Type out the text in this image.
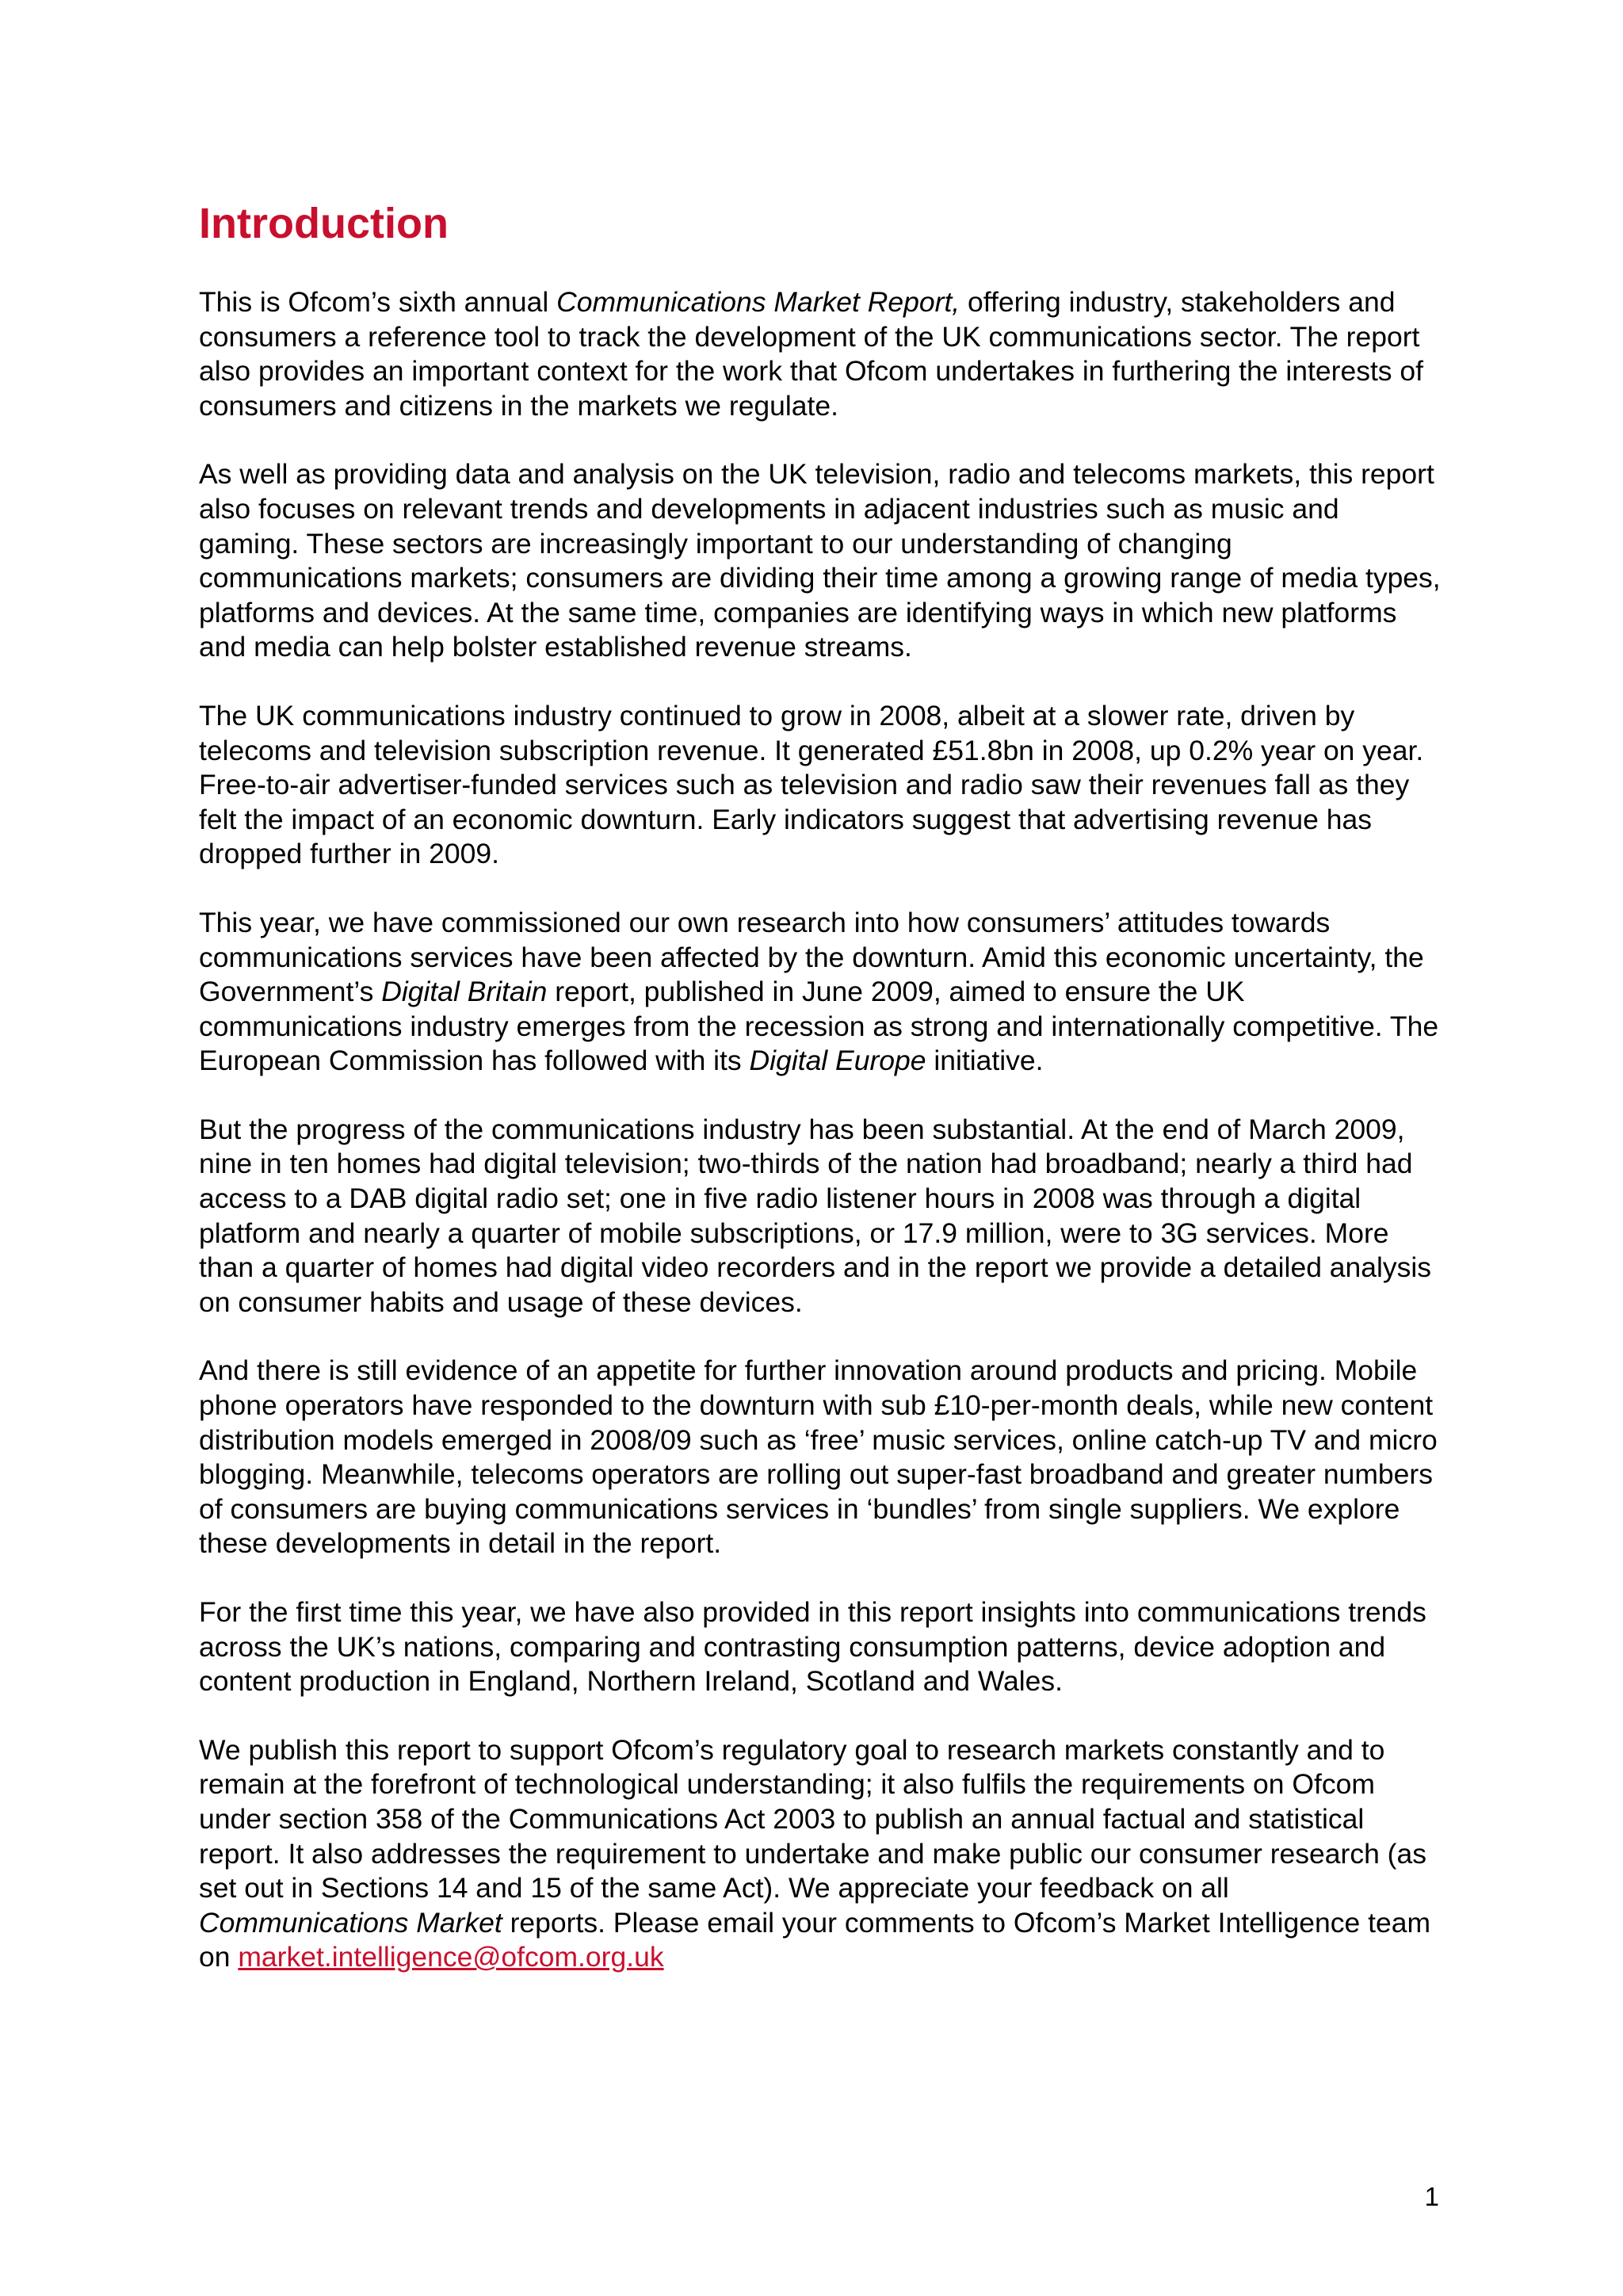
Introduction

This is Ofcom’s sixth annual Communications Market Report, offering industry, stakeholders and consumers a reference tool to track the development of the UK communications sector. The report also provides an important context for the work that Ofcom undertakes in furthering the interests of consumers and citizens in the markets we regulate.

As well as providing data and analysis on the UK television, radio and telecoms markets, this report also focuses on relevant trends and developments in adjacent industries such as music and gaming. These sectors are increasingly important to our understanding of changing communications markets; consumers are dividing their time among a growing range of media types, platforms and devices. At the same time, companies are identifying ways in which new platforms and media can help bolster established revenue streams.

The UK communications industry continued to grow in 2008, albeit at a slower rate, driven by telecoms and television subscription revenue. It generated £51.8bn in 2008, up 0.2% year on year. Free-to-air advertiser-funded services such as television and radio saw their revenues fall as they felt the impact of an economic downturn. Early indicators suggest that advertising revenue has dropped further in 2009.

This year, we have commissioned our own research into how consumers’ attitudes towards communications services have been affected by the downturn. Amid this economic uncertainty, the Government’s Digital Britain report, published in June 2009, aimed to ensure the UK communications industry emerges from the recession as strong and internationally competitive. The European Commission has followed with its Digital Europe initiative.

But the progress of the communications industry has been substantial. At the end of March 2009, nine in ten homes had digital television; two-thirds of the nation had broadband; nearly a third had access to a DAB digital radio set; one in five radio listener hours in 2008 was through a digital platform and nearly a quarter of mobile subscriptions, or 17.9 million, were to 3G services. More than a quarter of homes had digital video recorders and in the report we provide a detailed analysis on consumer habits and usage of these devices.

And there is still evidence of an appetite for further innovation around products and pricing. Mobile phone operators have responded to the downturn with sub £10-per-month deals, while new content distribution models emerged in 2008/09 such as ‘free’ music services, online catch-up TV and micro blogging. Meanwhile, telecoms operators are rolling out super-fast broadband and greater numbers of consumers are buying communications services in ‘bundles’ from single suppliers. We explore these developments in detail in the report.

For the first time this year, we have also provided in this report insights into communications trends across the UK’s nations, comparing and contrasting consumption patterns, device adoption and content production in England, Northern Ireland, Scotland and Wales.

We publish this report to support Ofcom’s regulatory goal to research markets constantly and to remain at the forefront of technological understanding; it also fulfils the requirements on Ofcom under section 358 of the Communications Act 2003 to publish an annual factual and statistical report. It also addresses the requirement to undertake and make public our consumer research (as set out in Sections 14 and 15 of the same Act). We appreciate your feedback on all Communications Market reports. Please email your comments to Ofcom’s Market Intelligence team on market.intelligence@ofcom.org.uk

1
